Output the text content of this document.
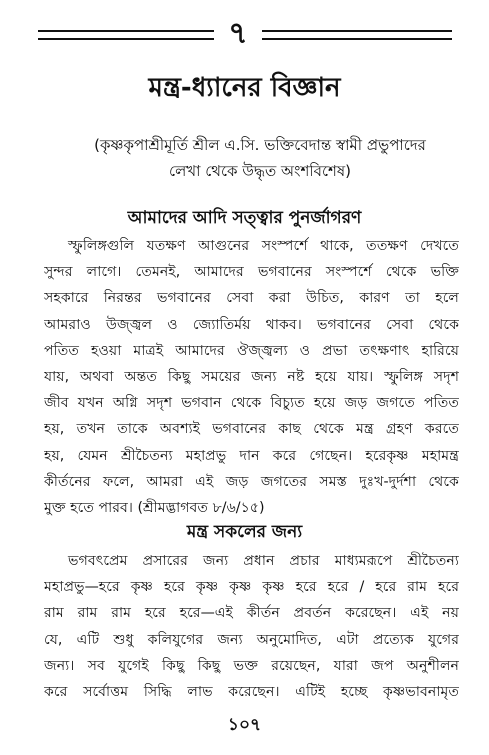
৭
মন্ত্র-ধ্যানের বিজ্ঞান
(কৃষ্ণকৃপাশ্রীমূর্তি শ্রীল এ.সি. ভক্তিবেদান্ত স্বামী প্রভুপাদের
লেখা থেকে উদ্ধৃত অংশবিশেষ)
আমাদের আদি সত্ত্বার পুনর্জাগরণ
স্ফুলিঙ্গগুলি যতক্ষণ আগুনের সংস্পর্শে থাকে, ততক্ষণ দেখতে
সুন্দর লাগে। তেমনই, আমাদের ভগবানের সংস্পর্শে থেকে ভক্তি
সহকারে নিরন্তর ভগবানের সেবা করা উচিত, কারণ তা হলে
আমরাও উজ্জ্বল ও জ্যোতির্ময় থাকব। ভগবানের সেবা থেকে
পতিত হওয়া মাত্রই আমাদের ঔজ্জ্বল্য ও প্রভা তৎক্ষণাৎ হারিয়ে
যায়, অথবা অন্তত কিছু সময়ের জন্য নষ্ট হয়ে যায়। স্ফুলিঙ্গ সদৃশ
জীব যখন অগ্নি সদৃশ ভগবান থেকে বিচ্যুত হয়ে জড় জগতে পতিত
হয়, তখন তাকে অবশ্যই ভগবানের কাছ থেকে মন্ত্র গ্রহণ করতে
হয়, যেমন শ্রীচৈতন্য মহাপ্রভু দান করে গেছেন। হরেকৃষ্ণ মহামন্ত্র
কীর্তনের ফলে, আমরা এই জড় জগতের সমস্ত দুঃখ-দুর্দশা থেকে
মুক্ত হতে পারব। (শ্রীমদ্ভাগবত ৮/৬/১৫)
মন্ত্র সকলের জন্য
ভগবৎপ্রেম প্রসারের জন্য প্রধান প্রচার মাধ্যমরূপে শ্রীচৈতন্য
মহাপ্রভু—হরে কৃষ্ণ হরে কৃষ্ণ কৃষ্ণ কৃষ্ণ হরে হরে / হরে রাম হরে
রাম রাম রাম হরে হরে—এই কীর্তন প্রবর্তন করেছেন। এই নয়
যে, এটি শুধু কলিযুগের জন্য অনুমোদিত, এটা প্রত্যেক যুগের
জন্য। সব যুগেই কিছু কিছু ভক্ত রয়েছেন, যারা জপ অনুশীলন
করে সর্বোত্তম সিদ্ধি লাভ করেছেন। এটিই হচ্ছে কৃষ্ণভাবনামৃত
১০৭
